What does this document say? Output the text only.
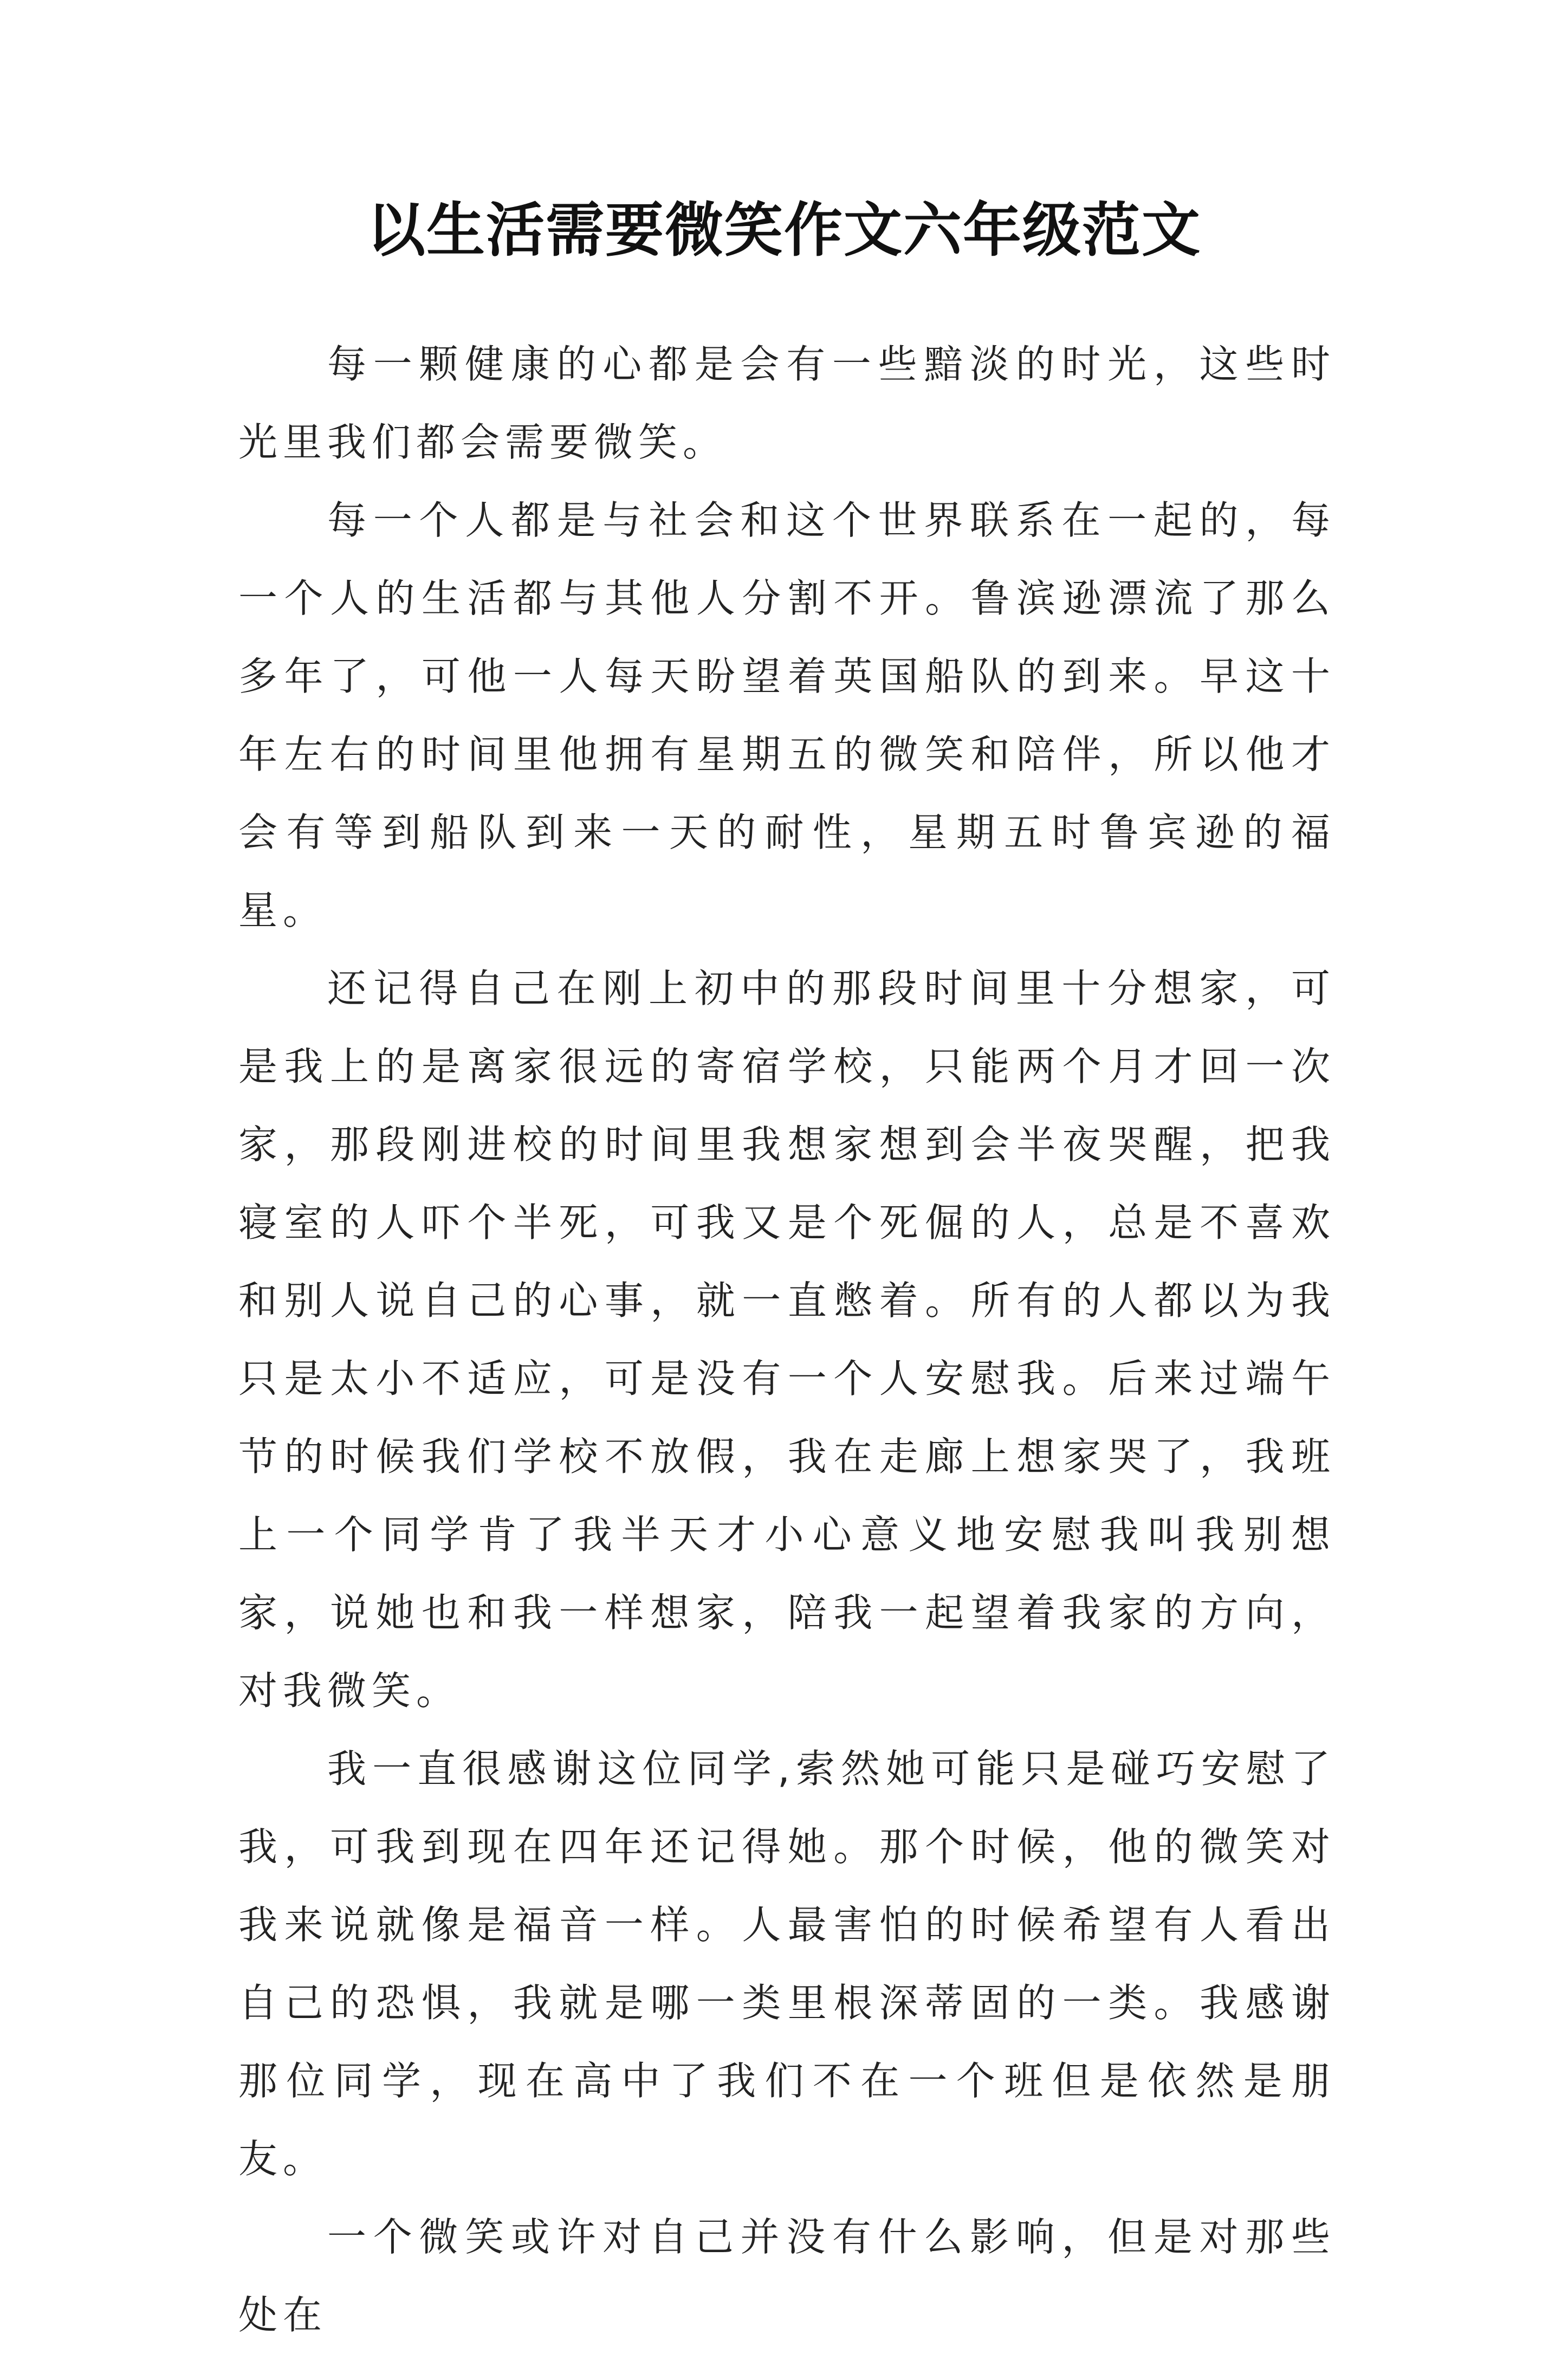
以生活需要微笑作文六年级范文

每一颗健康的心都是会有一些黯淡的时光，这些时光里我们都会需要微笑。

每一个人都是与社会和这个世界联系在一起的，每一个人的生活都与其他人分割不开。鲁滨逊漂流了那么多年了，可他一人每天盼望着英国船队的到来。早这十年左右的时间里他拥有星期五的微笑和陪伴，所以他才会有等到船队到来一天的耐性，星期五时鲁宾逊的福星。

还记得自己在刚上初中的那段时间里十分想家，可是我上的是离家很远的寄宿学校，只能两个月才回一次家，那段刚进校的时间里我想家想到会半夜哭醒，把我寝室的人吓个半死，可我又是个死倔的人，总是不喜欢和别人说自己的心事，就一直憋着。所有的人都以为我只是太小不适应，可是没有一个人安慰我。后来过端午节的时候我们学校不放假，我在走廊上想家哭了，我班上一个同学肯了我半天才小心意义地安慰我叫我别想家，说她也和我一样想家，陪我一起望着我家的方向，对我微笑。

我一直很感谢这位同学,索然她可能只是碰巧安慰了我，可我到现在四年还记得她。那个时候，他的微笑对我来说就像是福音一样。人最害怕的时候希望有人看出自己的恐惧，我就是哪一类里根深蒂固的一类。我感谢那位同学，现在高中了我们不在一个班但是依然是朋友。

一个微笑或许对自己并没有什么影响，但是对那些处在
